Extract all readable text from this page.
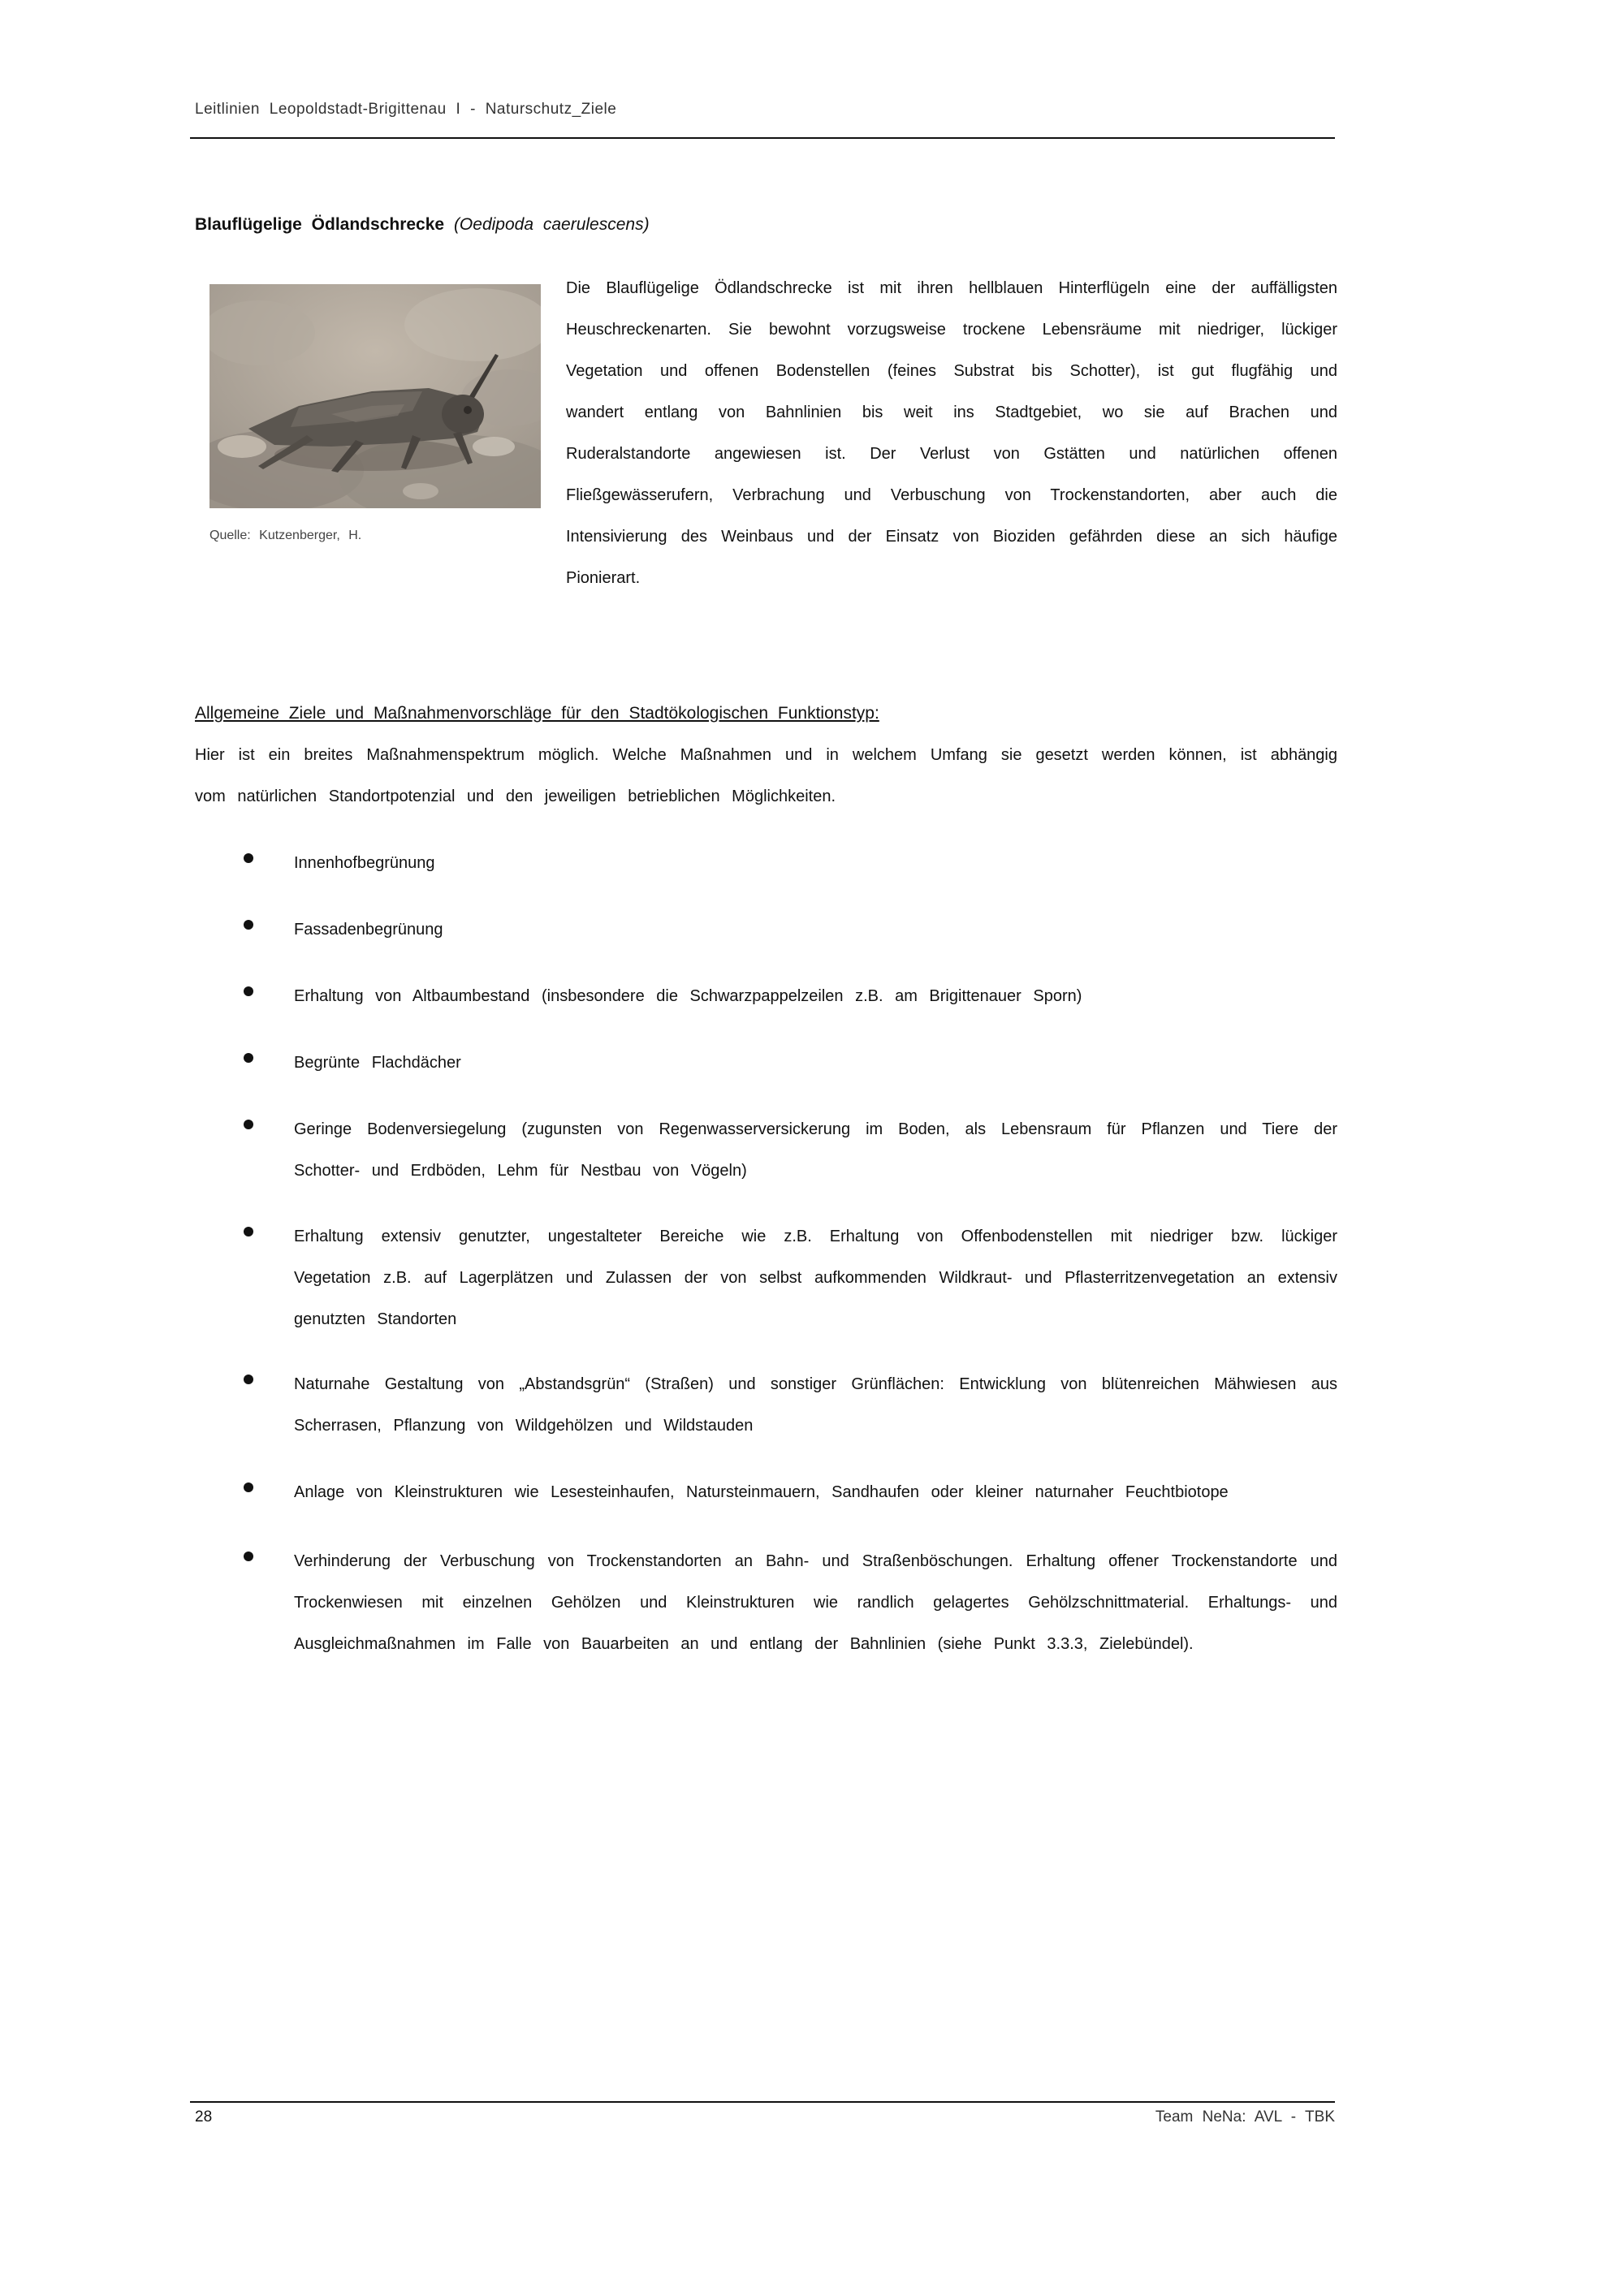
Leitlinien Leopoldstadt-Brigittenau I - Naturschutz_Ziele
Blauflügelige Ödlandschrecke (Oedipoda caerulescens)
Quelle: Kutzenberger, H.

Die Blauflügelige Ödlandschrecke ist mit ihren hellblauen Hinterflügeln eine der auffälligsten Heuschreckenarten. Sie bewohnt vorzugsweise trockene Lebensräume mit niedriger, lückiger Vegetation und offenen Bodenstellen (feines Substrat bis Schotter), ist gut flugfähig und wandert entlang von Bahnlinien bis weit ins Stadtgebiet, wo sie auf Brachen und Ruderalstandorte angewiesen ist. Der Verlust von Gstätten und natürlichen offenen Fließgewässerufern, Verbrachung und Verbuschung von Trockenstandorten, aber auch die Intensivierung des Weinbaus und der Einsatz von Bioziden gefährden diese an sich häufige Pionierart.

Allgemeine Ziele und Maßnahmenvorschläge für den Stadtökologischen Funktionstyp:

Hier ist ein breites Maßnahmenspektrum möglich. Welche Maßnahmen und in welchem Umfang sie gesetzt werden können, ist abhängig vom natürlichen Standortpotenzial und den jeweiligen betrieblichen Möglichkeiten.

Innenhofbegrünung
Fassadenbegrünung
Erhaltung von Altbaumbestand (insbesondere die Schwarzpappelzeilen z.B. am Brigittenauer Sporn)
Begrünte Flachdächer
Geringe Bodenversiegelung (zugunsten von Regenwasserversickerung im Boden, als Lebensraum für Pflanzen und Tiere der Schotter- und Erdböden, Lehm für Nestbau von Vögeln)
Erhaltung extensiv genutzter, ungestalteter Bereiche wie z.B. Erhaltung von Offenbodenstellen mit niedriger bzw. lückiger Vegetation z.B. auf Lagerplätzen und Zulassen der von selbst aufkommenden Wildkraut- und Pflasterritzenvegetation an extensiv genutzten Standorten
Naturnahe Gestaltung von „Abstandsgrün“ (Straßen) und sonstiger Grünflächen: Entwicklung von blütenreichen Mähwiesen aus Scherrasen, Pflanzung von Wildgehölzen und Wildstauden
Anlage von Kleinstrukturen wie Lesesteinhaufen, Natursteinmauern, Sandhaufen oder kleiner naturnaher Feuchtbiotope
Verhinderung der Verbuschung von Trockenstandorten an Bahn- und Straßenböschungen. Erhaltung offener Trockenstandorte und Trockenwiesen mit einzelnen Gehölzen und Kleinstrukturen wie randlich gelagertes Gehölzschnittmaterial. Erhaltungs- und Ausgleichmaßnahmen im Falle von Bauarbeiten an und entlang der Bahnlinien (siehe Punkt 3.3.3, Zielebündel).
28	Team NeNa: AVL - TBK
